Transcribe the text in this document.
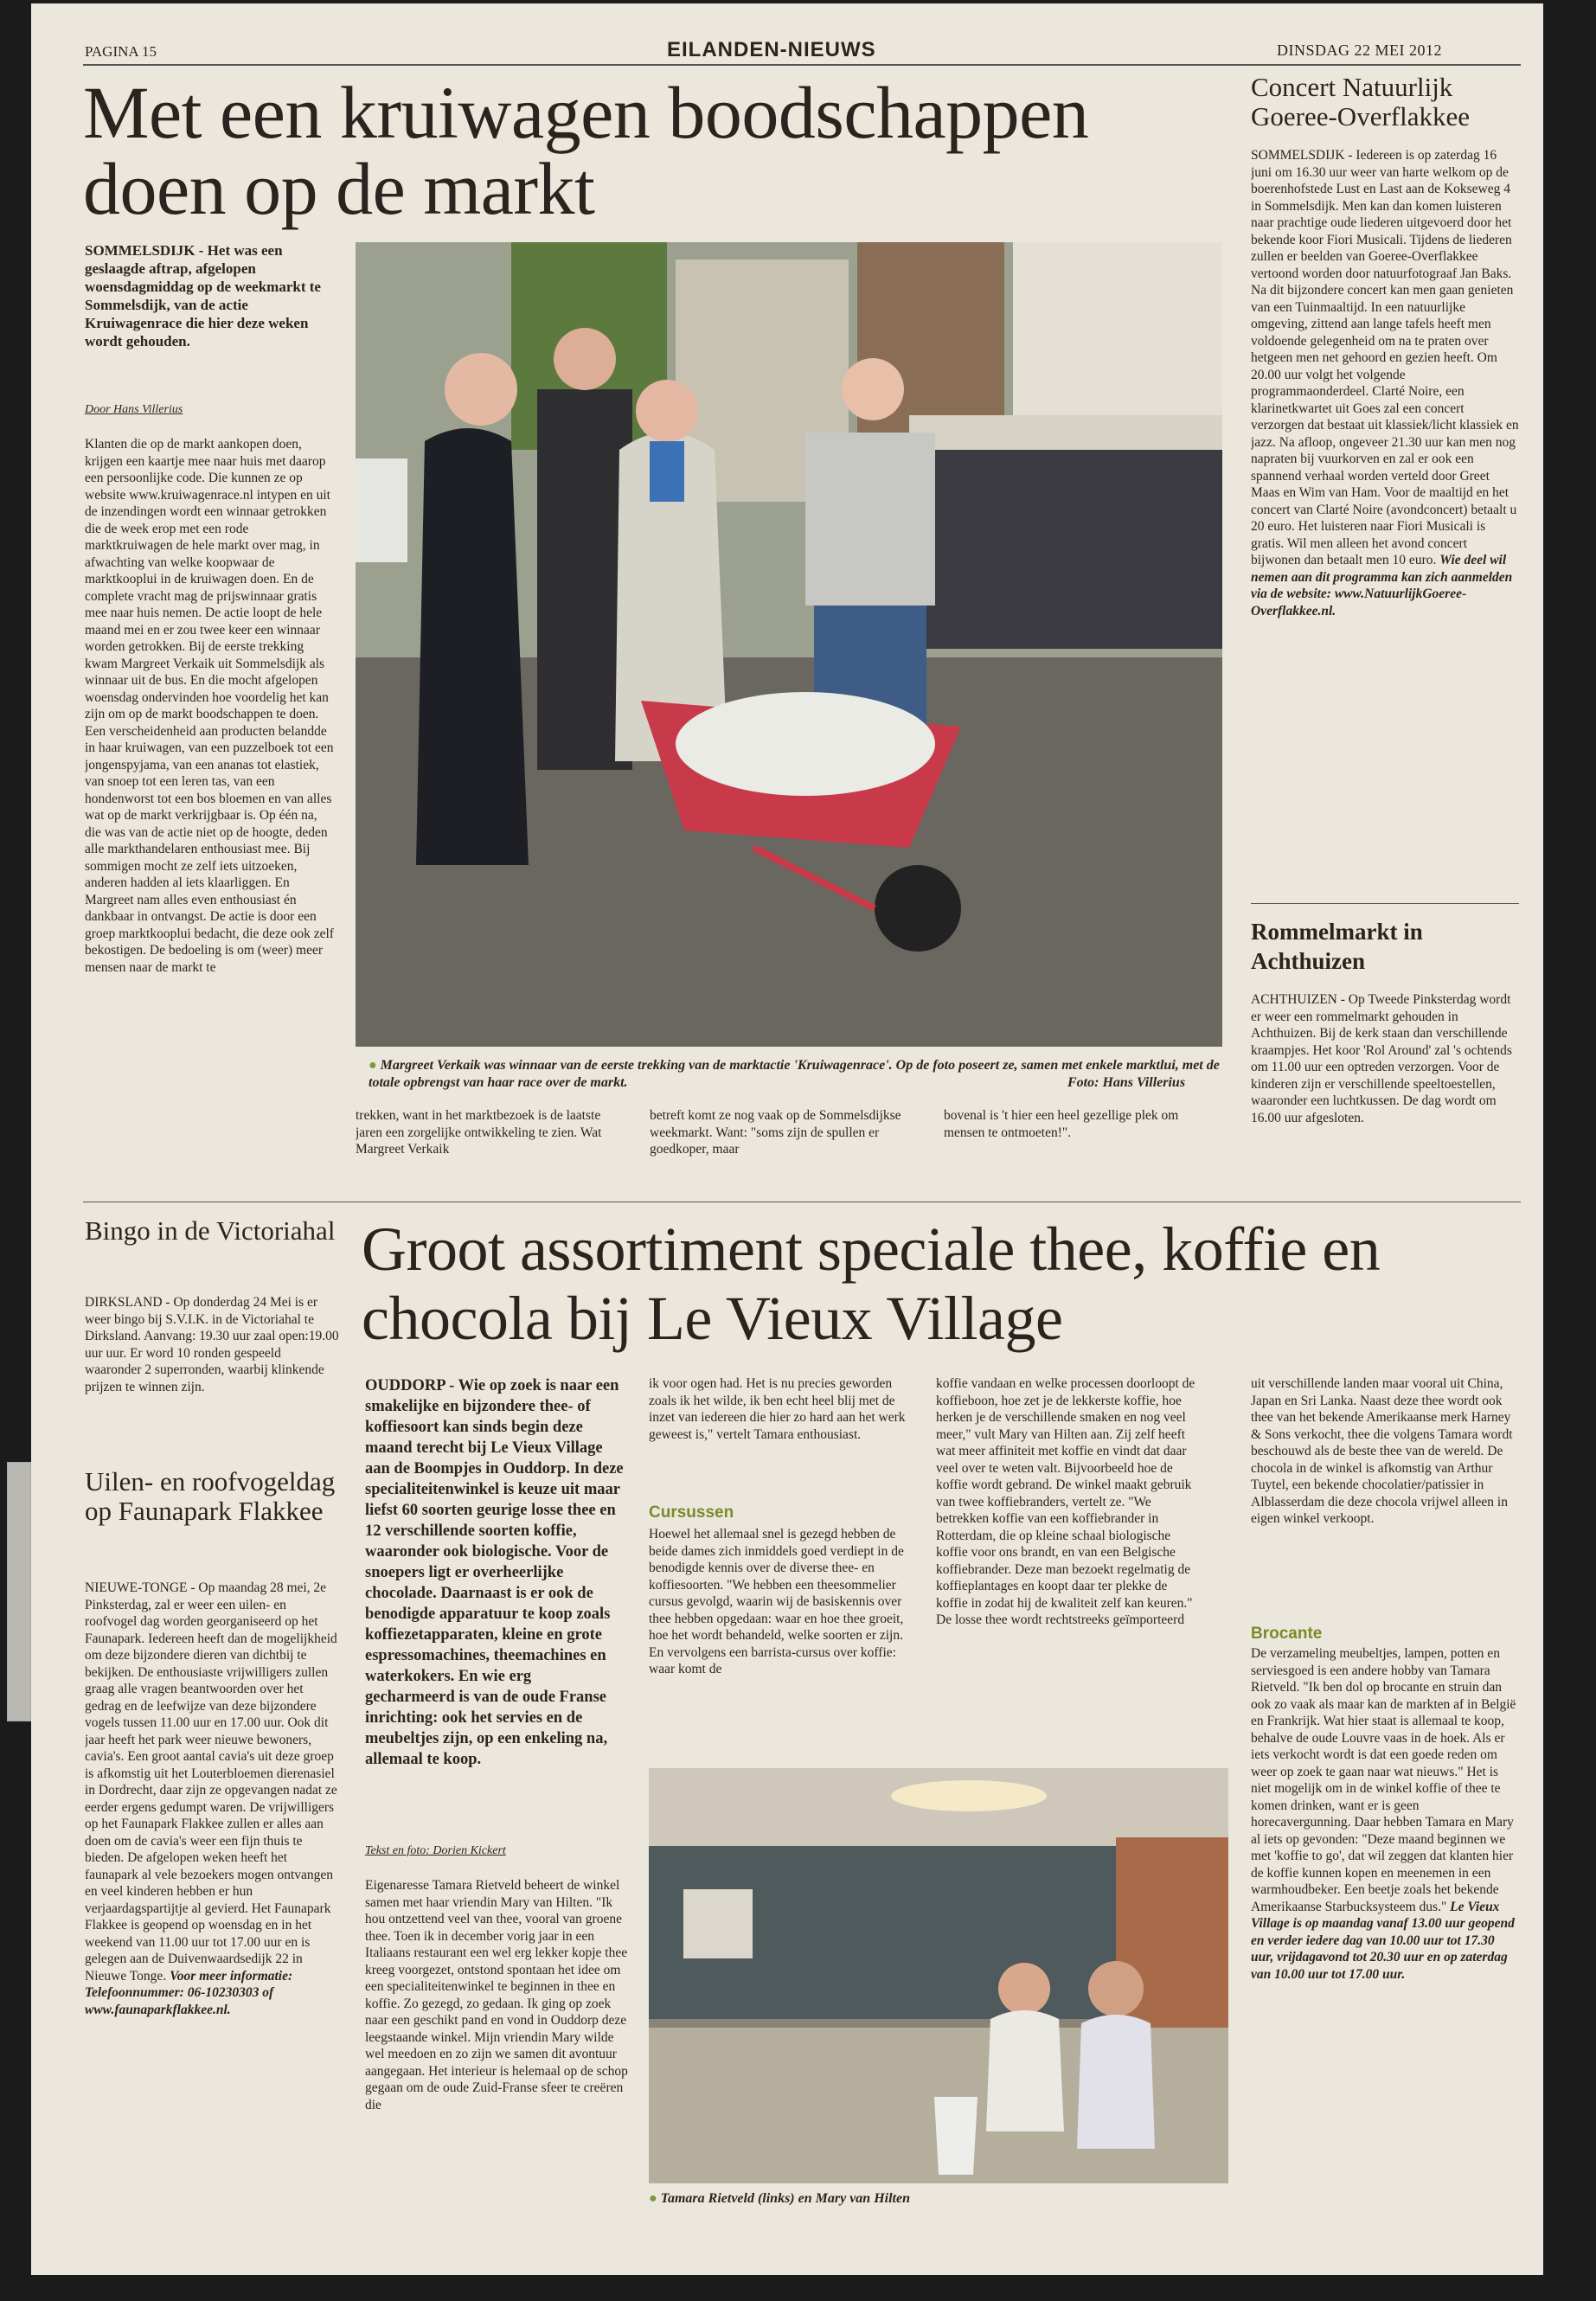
PAGINA 15	EILANDEN-NIEUWS	DINSDAG 22 MEI 2012
Met een kruiwagen boodschappen doen op de markt
SOMMELSDIJK - Het was een geslaagde aftrap, afgelopen woensdagmiddag op de weekmarkt te Sommelsdijk, van de actie Kruiwagenrace die hier deze weken wordt gehouden.
Door Hans Villerius
Klanten die op de markt aankopen doen, krijgen een kaartje mee naar huis met daarop een persoonlijke code. Die kunnen ze op website www.kruiwagenrace.nl intypen en uit de inzendingen wordt een winnaar getrokken die de week erop met een rode marktkruiwagen de hele markt over mag, in afwachting van welke koopwaar de marktkooplui in de kruiwagen doen. En de complete vracht mag de prijswinnaar gratis mee naar huis nemen. De actie loopt de hele maand mei en er zou twee keer een winnaar worden getrokken. Bij de eerste trekking kwam Margreet Verkaik uit Sommelsdijk als winnaar uit de bus. En die mocht afgelopen woensdag ondervinden hoe voordelig het kan zijn om op de markt boodschappen te doen. Een verscheidenheid aan producten belandde in haar kruiwagen, van een puzzelboek tot een jongenspyjama, van een ananas tot elastiek, van snoep tot een leren tas, van een hondenworst tot een bos bloemen en van alles wat op de markt verkrijgbaar is. Op één na, die was van de actie niet op de hoogte, deden alle markthandelaren enthousiast mee. Bij sommigen mocht ze zelf iets uitzoeken, anderen hadden al iets klaarliggen. En Margreet nam alles even enthousiast én dankbaar in ontvangst. De actie is door een groep marktkooplui bedacht, die deze ook zelf bekostigen. De bedoeling is om (weer) meer mensen naar de markt te
● Margreet Verkaik was winnaar van de eerste trekking van de marktactie 'Kruiwagenrace'. Op de foto poseert ze, samen met enkele marktlui, met de totale opbrengst van haar race over de markt.	Foto: Hans Villerius
trekken, want in het marktbezoek is de laatste jaren een zorgelijke ontwikkeling te zien. Wat Margreet Verkaik
betreft komt ze nog vaak op de Sommelsdijkse weekmarkt. Want: "soms zijn de spullen er goedkoper, maar
bovenal is 't hier een heel gezellige plek om mensen te ontmoeten!".
Concert Natuurlijk Goeree-Overflakkee
SOMMELSDIJK - Iedereen is op zaterdag 16 juni om 16.30 uur weer van harte welkom op de boerenhofstede Lust en Last aan de Kokseweg 4 in Sommelsdijk. Men kan dan komen luisteren naar prachtige oude liederen uitgevoerd door het bekende koor Fiori Musicali. Tijdens de liederen zullen er beelden van Goeree-Overflakkee vertoond worden door natuurfotograaf Jan Baks. Na dit bijzondere concert kan men gaan genieten van een Tuinmaaltijd. In een natuurlijke omgeving, zittend aan lange tafels heeft men voldoende gelegenheid om na te praten over hetgeen men net gehoord en gezien heeft. Om 20.00 uur volgt het volgende programmaonderdeel. Clarté Noire, een klarinetkwartet uit Goes zal een concert verzorgen dat bestaat uit klassiek/licht klassiek en jazz. Na afloop, ongeveer 21.30 uur kan men nog napraten bij vuurkorven en zal er ook een spannend verhaal worden verteld door Greet Maas en Wim van Ham. Voor de maaltijd en het concert van Clarté Noire (avondconcert) betaalt u 20 euro. Het luisteren naar Fiori Musicali is gratis. Wil men alleen het avond concert bijwonen dan betaalt men 10 euro. Wie deel wil nemen aan dit programma kan zich aanmelden via de website: www.NatuurlijkGoeree-Overflakkee.nl.
Rommelmarkt in Achthuizen
ACHTHUIZEN - Op Tweede Pinksterdag wordt er weer een rommelmarkt gehouden in Achthuizen. Bij de kerk staan dan verschillende kraampjes. Het koor 'Rol Around' zal 's ochtends om 11.00 uur een optreden verzorgen. Voor de kinderen zijn er verschillende speeltoestellen, waaronder een luchtkussen. De dag wordt om 16.00 uur afgesloten.
Bingo in de Victoriahal
DIRKSLAND - Op donderdag 24 Mei is er weer bingo bij S.V.I.K. in de Victoriahal te Dirksland. Aanvang: 19.30 uur zaal open:19.00 uur uur. Er word 10 ronden gespeeld waaronder 2 superronden, waarbij klinkende prijzen te winnen zijn.
Uilen- en roofvogeldag op Faunapark Flakkee
NIEUWE-TONGE - Op maandag 28 mei, 2e Pinksterdag, zal er weer een uilen- en roofvogel dag worden georganiseerd op het Faunapark. Iedereen heeft dan de mogelijkheid om deze bijzondere dieren van dichtbij te bekijken. De enthousiaste vrijwilligers zullen graag alle vragen beantwoorden over het gedrag en de leefwijze van deze bijzondere vogels tussen 11.00 uur en 17.00 uur. Ook dit jaar heeft het park weer nieuwe bewoners, cavia's. Een groot aantal cavia's uit deze groep is afkomstig uit het Louterbloemen dierenasiel in Dordrecht, daar zijn ze opgevangen nadat ze eerder ergens gedumpt waren. De vrijwilligers op het Faunapark Flakkee zullen er alles aan doen om de cavia's weer een fijn thuis te bieden. De afgelopen weken heeft het faunapark al vele bezoekers mogen ontvangen en veel kinderen hebben er hun verjaardagspartijtje al gevierd. Het Faunapark Flakkee is geopend op woensdag en in het weekend van 11.00 uur tot 17.00 uur en is gelegen aan de Duivenwaardsedijk 22 in Nieuwe Tonge. Voor meer informatie: Telefoonnummer: 06-10230303 of www.faunaparkflakkee.nl.
Groot assortiment speciale thee, koffie en chocola bij Le Vieux Village
OUDDORP - Wie op zoek is naar een smakelijke en bijzondere thee- of koffiesoort kan sinds begin deze maand terecht bij Le Vieux Village aan de Boompjes in Ouddorp. In deze specialiteitenwinkel is keuze uit maar liefst 60 soorten geurige losse thee en 12 verschillende soorten koffie, waaronder ook biologische. Voor de snoepers ligt er overheerlijke chocolade. Daarnaast is er ook de benodigde apparatuur te koop zoals koffiezetapparaten, kleine en grote espressomachines, theemachines en waterkokers. En wie erg gecharmeerd is van de oude Franse inrichting: ook het servies en de meubeltjes zijn, op een enkeling na, allemaal te koop.
Tekst en foto: Dorien Kickert
Eigenaresse Tamara Rietveld beheert de winkel samen met haar vriendin Mary van Hilten. "Ik hou ontzettend veel van thee, vooral van groene thee. Toen ik in december vorig jaar in een Italiaans restaurant een wel erg lekker kopje thee kreeg voorgezet, ontstond spontaan het idee om een specialiteitenwinkel te beginnen in thee en koffie. Zo gezegd, zo gedaan. Ik ging op zoek naar een geschikt pand en vond in Ouddorp deze leegstaande winkel. Mijn vriendin Mary wilde wel meedoen en zo zijn we samen dit avontuur aangegaan. Het interieur is helemaal op de schop gegaan om de oude Zuid-Franse sfeer te creëren die
ik voor ogen had. Het is nu precies geworden zoals ik het wilde, ik ben echt heel blij met de inzet van iedereen die hier zo hard aan het werk geweest is," vertelt Tamara enthousiast.
Cursussen
Hoewel het allemaal snel is gezegd hebben de beide dames zich inmiddels goed verdiept in de benodigde kennis over de diverse thee- en koffiesoorten. "We hebben een theesommelier cursus gevolgd, waarin wij de basiskennis over thee hebben opgedaan: waar en hoe thee groeit, hoe het wordt behandeld, welke soorten er zijn. En vervolgens een barrista-cursus over koffie: waar komt de
koffie vandaan en welke processen doorloopt de koffieboon, hoe zet je de lekkerste koffie, hoe herken je de verschillende smaken en nog veel meer," vult Mary van Hilten aan. Zij zelf heeft wat meer affiniteit met koffie en vindt dat daar veel over te weten valt. Bijvoorbeeld hoe de koffie wordt gebrand. De winkel maakt gebruik van twee koffiebranders, vertelt ze. "We betrekken koffie van een koffiebrander in Rotterdam, die op kleine schaal biologische koffie voor ons brandt, en van een Belgische koffiebrander. Deze man bezoekt regelmatig de koffieplantages en koopt daar ter plekke de koffie in zodat hij de kwaliteit zelf kan keuren." De losse thee wordt rechtstreeks geïmporteerd
● Tamara Rietveld (links) en Mary van Hilten
uit verschillende landen maar vooral uit China, Japan en Sri Lanka. Naast deze thee wordt ook thee van het bekende Amerikaanse merk Harney & Sons verkocht, thee die volgens Tamara wordt beschouwd als de beste thee van de wereld. De chocola in de winkel is afkomstig van Arthur Tuytel, een bekende chocolatier/patissier in Alblasserdam die deze chocola vrijwel alleen in eigen winkel verkoopt.
Brocante
De verzameling meubeltjes, lampen, potten en serviesgoed is een andere hobby van Tamara Rietveld. "Ik ben dol op brocante en struin dan ook zo vaak als maar kan de markten af in België en Frankrijk. Wat hier staat is allemaal te koop, behalve de oude Louvre vaas in de hoek. Als er iets verkocht wordt is dat een goede reden om weer op zoek te gaan naar wat nieuws." Het is niet mogelijk om in de winkel koffie of thee te komen drinken, want er is geen horecavergunning. Daar hebben Tamara en Mary al iets op gevonden: "Deze maand beginnen we met 'koffie to go', dat wil zeggen dat klanten hier de koffie kunnen kopen en meenemen in een warmhoudbeker. Een beetje zoals het bekende Amerikaanse Starbucksysteem dus." Le Vieux Village is op maandag vanaf 13.00 uur geopend en verder iedere dag van 10.00 uur tot 17.30 uur, vrijdagavond tot 20.30 uur en op zaterdag van 10.00 uur tot 17.00 uur.
